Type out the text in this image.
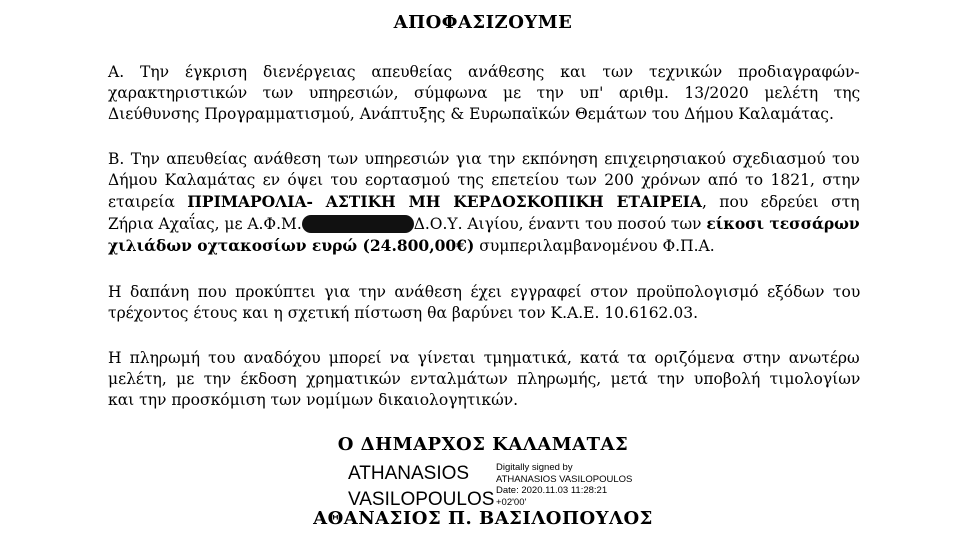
ΑΠΟΦΑΣΙΖΟΥΜΕ
Α. Την έγκριση διενέργειας απευθείας ανάθεσης και των τεχνικών προδιαγραφών-
χαρακτηριστικών των υπηρεσιών, σύμφωνα με την υπ' αριθμ. 13/2020 μελέτη της
Διεύθυνσης Προγραμματισμού, Ανάπτυξης & Ευρωπαϊκών Θεμάτων του Δήμου Καλαμάτας.
Β. Την απευθείας ανάθεση των υπηρεσιών για την εκπόνηση επιχειρησιακού σχεδιασμού του
Δήμου Καλαμάτας εν όψει του εορτασμού της επετείου των 200 χρόνων από το 1821, στην
εταιρεία ΠΡΙΜΑΡΟΛΙΑ- ΑΣΤΙΚΗ ΜΗ ΚΕΡΔΟΣΚΟΠΙΚΗ ΕΤΑΙΡΕΙΑ, που εδρεύει στη
Ζήρια Αχαΐας, με Α.Φ.Μ.	Δ.Ο.Υ. Αιγίου, έναντι του ποσού των είκοσι τεσσάρων
χιλιάδων οχτακοσίων ευρώ (24.800,00€) συμπεριλαμβανομένου Φ.Π.Α.
Η δαπάνη που προκύπτει για την ανάθεση έχει εγγραφεί στον προϋπολογισμό εξόδων του
τρέχοντος έτους και η σχετική πίστωση θα βαρύνει τον Κ.Α.Ε. 10.6162.03.
Η πληρωμή του αναδόχου μπορεί να γίνεται τμηματικά, κατά τα οριζόμενα στην ανωτέρω
μελέτη, με την έκδοση χρηματικών ενταλμάτων πληρωμής, μετά την υποβολή τιμολογίων
και την προσκόμιση των νομίμων δικαιολογητικών.
Ο ΔΗΜΑΡΧΟΣ ΚΑΛΑΜΑΤΑΣ
ATHANASIOS
VASILOPOULOS
Digitally signed by
ATHANASIOS VASILOPOULOS
Date: 2020.11.03 11:28:21
+02'00'
ΑΘΑΝΑΣΙΟΣ Π. ΒΑΣΙΛΟΠΟΥΛΟΣ
